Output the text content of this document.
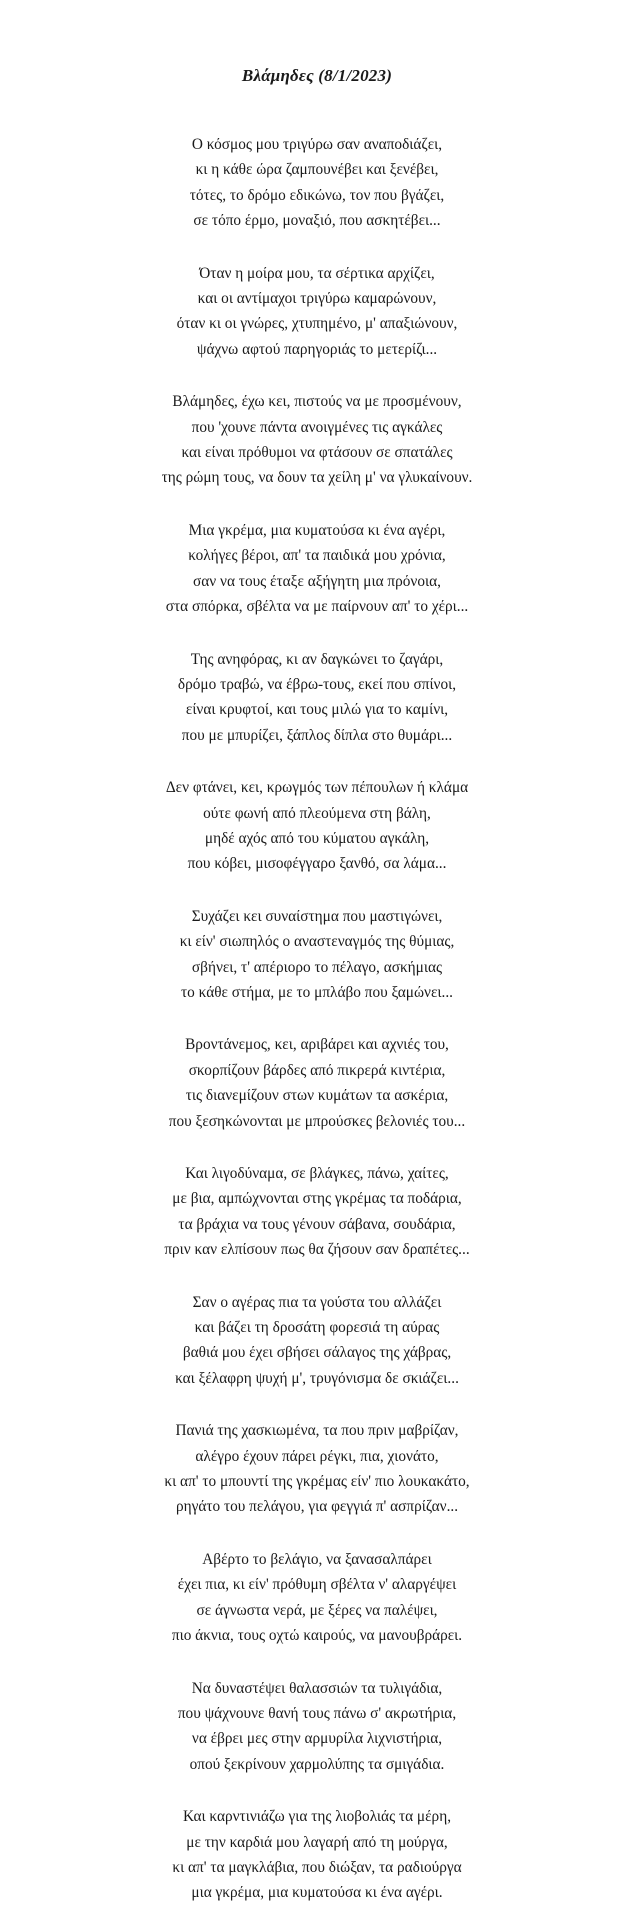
Βλάμηδες (8/1/2023)
Ο κόσμος μου τριγύρω σαν αναποδιάζει,
κι η κάθε ώρα ζαμπουνέβει και ξενέβει,
τότες, το δρόμο εδικώνω, τον που βγάζει,
σε τόπο έρμο, μοναξιό, που ασκητέβει...
Όταν η μοίρα μου, τα σέρτικα αρχίζει,
και οι αντίμαχοι τριγύρω καμαρώνουν,
όταν κι οι γνώρες, χτυπημένο, μ' απαξιώνουν,
ψάχνω αφτού παρηγοριάς το μετερίζι...
Βλάμηδες, έχω κει, πιστούς να με προσμένουν,
που 'χουνε πάντα ανοιγμένες τις αγκάλες
και είναι πρόθυμοι να φτάσουν σε σπατάλες
της ρώμη τους, να δουν τα χείλη μ' να γλυκαίνουν.
Μια γκρέμα, μια κυματούσα κι ένα αγέρι,
κολήγες βέροι, απ' τα παιδικά μου χρόνια,
σαν να τους έταξε αξήγητη μια πρόνοια,
στα σπόρκα, σβέλτα να με παίρνουν απ' το χέρι...
Της ανηφόρας, κι αν δαγκώνει το ζαγάρι,
δρόμο τραβώ, να έβρω-τους, εκεί που σπίνοι,
είναι κρυφτοί, και τους μιλώ για το καμίνι,
που με μπυρίζει, ξάπλος δίπλα στο θυμάρι...
Δεν φτάνει, κει, κρωγμός των πέπουλων ή κλάμα
ούτε φωνή από πλεούμενα στη βάλη,
μηδέ αχός από του κύματου αγκάλη,
που κόβει, μισοφέγγαρο ξανθό, σα λάμα...
Συχάζει κει συναίστημα που μαστιγώνει,
κι είν' σιωπηλός ο αναστεναγμός της θύμιας,
σβήνει, τ' απέριορο το πέλαγο, ασκήμιας
το κάθε στήμα, με το μπλάβο που ξαμώνει...
Βροντάνεμος, κει, αριβάρει και αχνιές του,
σκορπίζουν βάρδες από πικρερά κιντέρια,
τις διανεμίζουν στων κυμάτων τα ασκέρια,
που ξεσηκώνονται με μπρούσκες βελονιές του...
Και λιγοδύναμα, σε βλάγκες, πάνω, χαίτες,
με βια, αμπώχνονται στης γκρέμας τα ποδάρια,
τα βράχια να τους γένουν σάβανα, σουδάρια,
πριν καν ελπίσουν πως θα ζήσουν σαν δραπέτες...
Σαν ο αγέρας πια τα γούστα του αλλάζει
και βάζει τη δροσάτη φορεσιά τη αύρας
βαθιά μου έχει σβήσει σάλαγος της χάβρας,
και ξέλαφρη ψυχή μ', τρυγόνισμα δε σκιάζει...
Πανιά της χασκιωμένα, τα που πριν μαβρίζαν,
αλέγρο έχουν πάρει ρέγκι, πια, χιονάτο,
κι απ' το μπουντί της γκρέμας είν' πιο λουκακάτο,
ρηγάτο του πελάγου, για φεγγιά π' ασπρίζαν...
Αβέρτο το βελάγιο, να ξανασαλπάρει
έχει πια, κι είν' πρόθυμη σβέλτα ν' αλαργέψει
σε άγνωστα νερά, με ξέρες να παλέψει,
πιο άκνια, τους οχτώ καιρούς, να μανουβράρει.
Να δυναστέψει θαλασσιών τα τυλιγάδια,
που ψάχνουνε θανή τους πάνω σ' ακρωτήρια,
να έβρει μες στην αρμυρίλα λιχνιστήρια,
οπού ξεκρίνουν χαρμολύπης τα σμιγάδια.
Και καρντινιάζω για της λιοβολιάς τα μέρη,
με την καρδιά μου λαγαρή από τη μούργα,
κι απ' τα μαγκλάβια, που διώξαν, τα ραδιούργα
μια γκρέμα, μια κυματούσα κι ένα αγέρι.
